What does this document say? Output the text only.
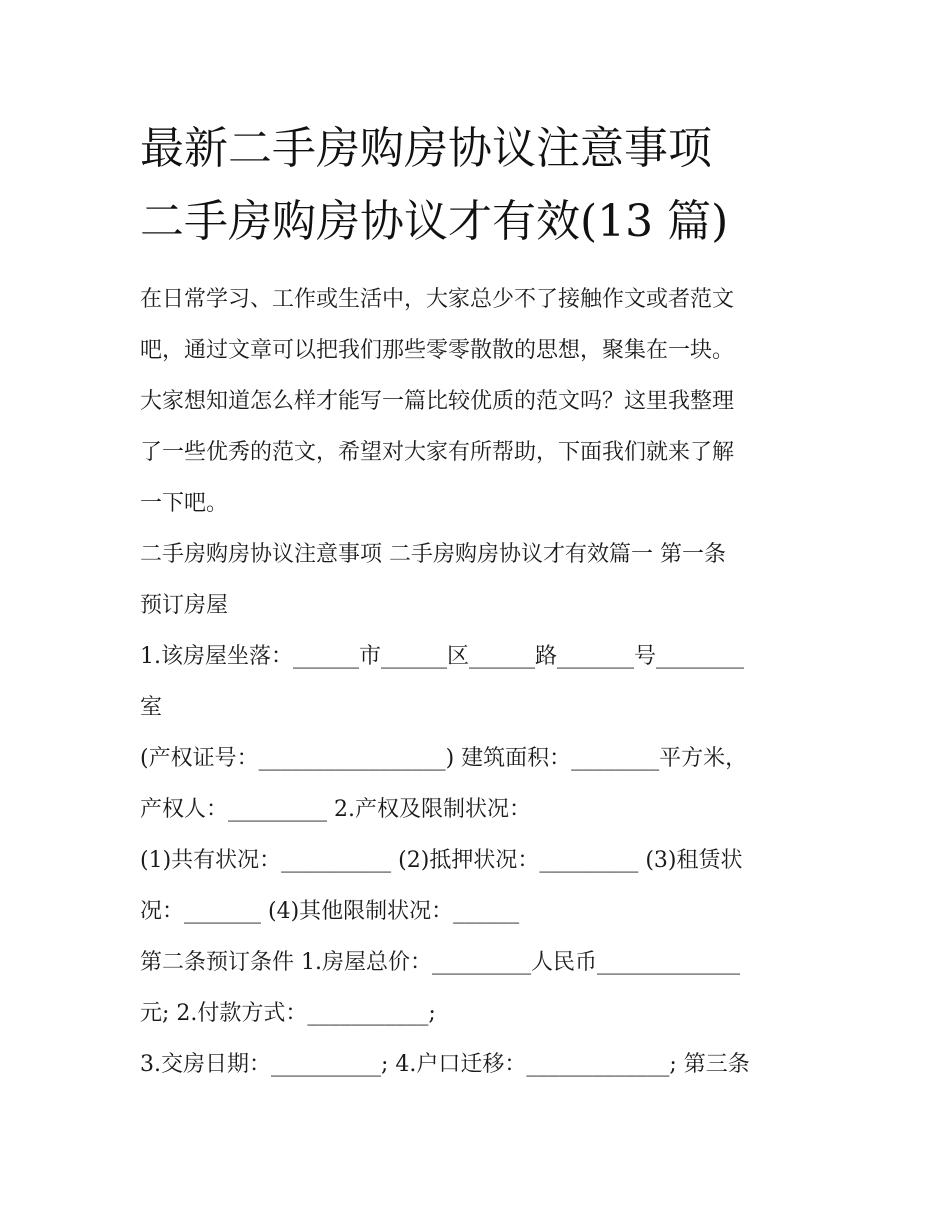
最新二手房购房协议注意事项
二手房购房协议才有效(13 篇)
在日常学习、工作或生活中，大家总少不了接触作文或者范文
吧，通过文章可以把我们那些零零散散的思想，聚集在一块。
大家想知道怎么样才能写一篇比较优质的范文吗？这里我整理
了一些优秀的范文，希望对大家有所帮助，下面我们就来了解
一下吧。
二手房购房协议注意事项 二手房购房协议才有效篇一 第一条
预订房屋
1.该房屋坐落：______市______区______路_______号________
室
(产权证号：_________________) 建筑面积：________平方米，
产权人：_________ 2.产权及限制状况：
(1)共有状况：__________ (2)抵押状况：_________ (3)租赁状
况：_______ (4)其他限制状况：______
第二条预订条件 1.房屋总价：_________人民币_____________
元; 2.付款方式：___________;
3.交房日期：__________; 4.户口迁移：_____________; 第三条
